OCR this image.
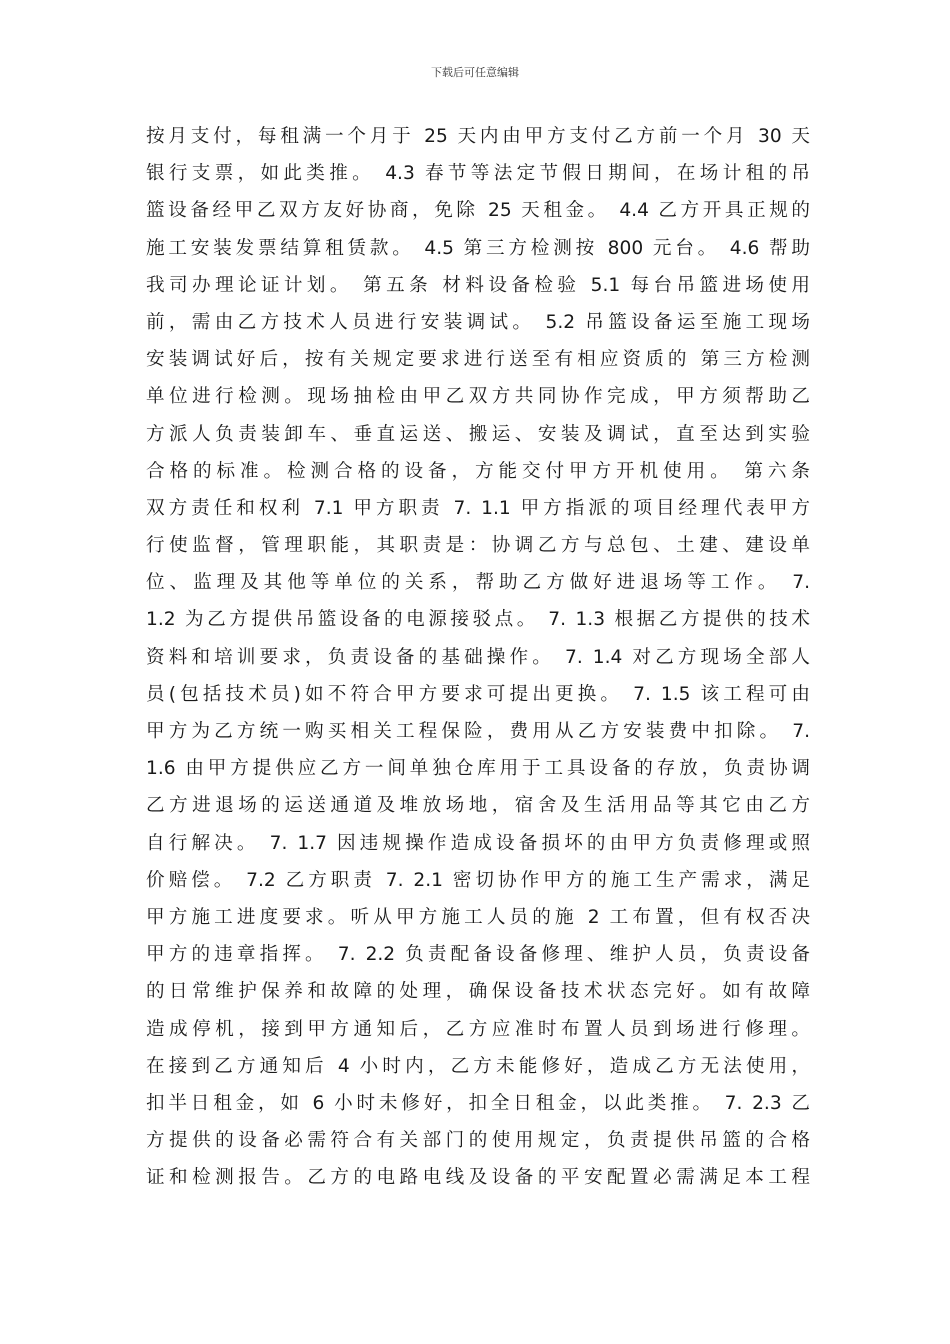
下载后可任意编辑
按月支付，每租满一个月于 25 天内由甲方支付乙方前一个月 30 天
银行支票，如此类推。 4.3 春节等法定节假日期间，在场计租的吊
篮设备经甲乙双方友好协商，免除 25 天租金。 4.4 乙方开具正规的
施工安装发票结算租赁款。 4.5 第三方检测按 800 元台。 4.6 帮助
我司办理论证计划。 第五条 材料设备检验 5.1 每台吊篮进场使用
前，需由乙方技术人员进行安装调试。 5.2 吊篮设备运至施工现场
安装调试好后，按有关规定要求进行送至有相应资质的 第三方检测
单位进行检测。现场抽检由甲乙双方共同协作完成，甲方须帮助乙
方派人负责装卸车、垂直运送、搬运、安装及调试，直至达到实验
合格的标准。检测合格的设备，方能交付甲方开机使用。 第六条
双方责任和权利 7.1 甲方职责 7. 1.1 甲方指派的项目经理代表甲方
行使监督，管理职能，其职责是：协调乙方与总包、土建、建设单
位、监理及其他等单位的关系，帮助乙方做好进退场等工作。 7.
1.2 为乙方提供吊篮设备的电源接驳点。 7. 1.3 根据乙方提供的技术
资料和培训要求，负责设备的基础操作。 7. 1.4 对乙方现场全部人
员(包括技术员)如不符合甲方要求可提出更换。 7. 1.5 该工程可由
甲方为乙方统一购买相关工程保险，费用从乙方安装费中扣除。 7.
1.6 由甲方提供应乙方一间单独仓库用于工具设备的存放，负责协调
乙方进退场的运送通道及堆放场地，宿舍及生活用品等其它由乙方
自行解决。 7. 1.7 因违规操作造成设备损坏的由甲方负责修理或照
价赔偿。 7.2 乙方职责 7. 2.1 密切协作甲方的施工生产需求，满足
甲方施工进度要求。听从甲方施工人员的施 2 工布置，但有权否决
甲方的违章指挥。 7. 2.2 负责配备设备修理、维护人员，负责设备
的日常维护保养和故障的处理，确保设备技术状态完好。如有故障
造成停机，接到甲方通知后，乙方应准时布置人员到场进行修理。
在接到乙方通知后 4 小时内，乙方未能修好，造成乙方无法使用，
扣半日租金，如 6 小时未修好，扣全日租金，以此类推。 7. 2.3 乙
方提供的设备必需符合有关部门的使用规定，负责提供吊篮的合格
证和检测报告。乙方的电路电线及设备的平安配置必需满足本工程
